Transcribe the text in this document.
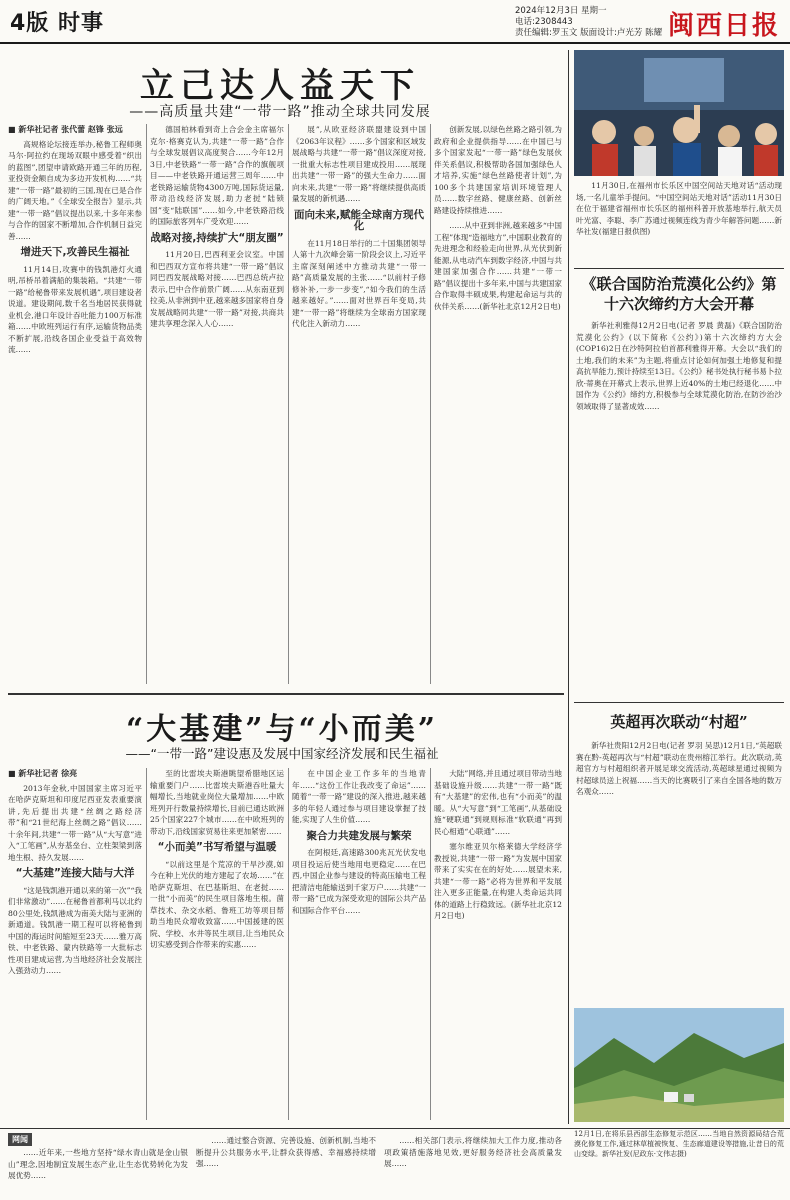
4版 时事	2024年12月3日 星期一
电话:2308443
责任编辑:罗玉文 版面设计:卢光芳 陈耀 闽西日报
立己达人益天下
——高质量共建“一带一路”推动全球共同发展
■ 新华社记者 张代蕾 赵锋 张远

高规格论坛接连举办,秘鲁工程师奥马尔·阿拉约在现场双眼中感受着“织出的蓝图”,团望申请欧路开通三年的历程,亚投资金额自成为多边开发机构……“共建“一带一路”最初的三国,现在已是合作的广阔天地。”《全球安全报告》显示,共建“一带一路”倡议提出以来,十多年来参与合作的国家不断增加,合作机制日益完善……

增进天下,攻善民生福祉

11月14日,攻赛中的钱凯港灯火通明,吊桥吊着满船的集装箱。“共建“一带一路”给秘鲁带来发展机遇”,项目建设者说道。建设期间,数千名当地居民获得就业机会,港口年设计吞吐能力100万标准箱……中欧班列运行有序,运输货物品类不断扩展,沿线各国企业受益于高效物流……

德国柏林看到奇上合会金主席福尔克尔·格赛克认为,共建“一带一路”合作与全球发展倡议高度契合……今年12月3日,中老铁路“一带一路”合作的旗舰项目——中老铁路开通运营三周年……中老铁路运输货物4300万吨,国际货运量,带动沿线经济发展,助力老挝“陆锁国”变“陆联国”……如今,中老铁路沿线的国际旅客列车广受欢迎……

战略对接,持续扩大“朋友圈”

11月20日,巴西利亚会议室。中国和巴西双方宣布将共建“一带一路”倡议同巴西发展战略对接……巴西总统卢拉表示,巴中合作前景广阔……从东南亚到拉美,从非洲到中亚,越来越多国家将自身发展战略同共建“一带一路”对接,共商共建共享理念深入人心……

展”,从欧亚经济联盟建设到中国《2063年议程》……多个国家和区域发展战略与共建“一带一路”倡议深度对接,一批重大标志性项目建成投用……展现出共建“一带一路”的强大生命力……面向未来,共建“一带一路”将继续提供高质量发展的新机遇……

面向未来,赋能全球南方现代化

在11月18日举行的二十国集团领导人第十九次峰会第一阶段会议上,习近平主席深刻阐述中方推动共建“一带一路”高质量发展的主张……“以前村子修修补补,一步一步变”,“如今我们的生活越来越好。”……面对世界百年变局,共建“一带一路”将继续为全球南方国家现代化注入新动力……

创新发展,以绿色丝路之路引领,为政府和企业提供指导……在中国已与多个国家发起“一带一路”绿色发展伙伴关系倡议,积极帮助各国加强绿色人才培养,实施“绿色丝路使者计划”,为100多个共建国家培训环境管理人员……数字丝路、健康丝路、创新丝路建设持续推进……

……从中亚到非洲,越来越多“中国工程”体现“造福地方”,中国职业教育的先进理念和经验走向世界,从光伏到新能源,从电动汽车到数字经济,中国与共建国家加强合作……共建“一带一路”倡议提出十多年来,中国与共建国家合作取得丰硕成果,构建起命运与共的伙伴关系……(新华社北京12月2日电)

“大基建”与“小而美”
——“一带一路”建设惠及发展中国家经济发展和民生福祉
■ 新华社记者 徐亮

2013年金秋,中国国家主席习近平在哈萨克斯坦和印度尼西亚发表重要演讲,先后提出共建“丝绸之路经济带”和“21世纪海上丝绸之路”倡议……十余年间,共建“一带一路”从“大写意”进入“工笔画”,从夯基垒台、立柱架梁到落地生根、持久发展……

“大基建”连接大陆与大洋

“这是钱凯港开通以来的第一次”“我们非常激动”……在秘鲁首都利马以北约80公里处,钱凯港成为南美大陆与亚洲的新通道。钱凯港一期工程可以将秘鲁到中国的海运时间缩短至23天……雅万高铁、中老铁路、蒙内铁路等一大批标志性项目建成运营,为当地经济社会发展注入强劲动力……

至的比雷埃夫斯港眺望希腊地区运输重要门户……比雷埃夫斯港吞吐量大幅增长,当地就业岗位大量增加……中欧班列开行数量持续增长,目前已通达欧洲25个国家227个城市……在中欧班列的带动下,沿线国家贸易往来更加紧密……

“小而美”书写希望与温暖

“以前这里是个荒凉的干旱沙漠,如今在种上光伏的地方建起了农场……”在哈萨克斯坦、在巴基斯坦、在老挝……一批“小而美”的民生项目落地生根。菌草技术、杂交水稻、鲁班工坊等项目帮助当地民众增收致富……中国援建的医院、学校、水井等民生项目,让当地民众切实感受到合作带来的实惠……

在中国企业工作多年的当地青年……“这份工作让我改变了命运”……随着“一带一路”建设的深入推进,越来越多的年轻人通过参与项目建设掌握了技能,实现了人生价值……

聚合力共建发展与繁荣

在阿根廷,高速路300兆瓦光伏发电项目投运后使当地用电更稳定……在巴西,中国企业参与建设的特高压输电工程把清洁电能输送到千家万户……共建“一带一路”已成为深受欢迎的国际公共产品和国际合作平台……

大陆”网络,并且通过项目带动当地基础设施升级……共建“一带一路”既有“大基建”的宏伟,也有“小而美”的温暖。从“大写意”到“工笔画”,从基础设施“硬联通”到规则标准“软联通”再到民心相通“心联通”……

塞尔维亚贝尔格莱德大学经济学教授说,共建“一带一路”为发展中国家带来了实实在在的好处……展望未来,共建“一带一路”必将为世界和平发展注入更多正能量,在构建人类命运共同体的道路上行稳致远。(新华社北京12月2日电)

11月30日,在福州市长乐区中国空间站天地对话“活动现场,一名儿童举手提问。“中国空间站天地对话”活动11月30日在位于福建省福州市长乐区的福州科普开放基地举行,航天员叶光富、李聪、李广苏通过视频连线为青少年解答问题……新华社发(福建日报供图)
《联合国防治荒漠化公约》第十六次缔约方大会开幕

新华社利雅得12月2日电(记者 罗晨 黄磊)《联合国防治荒漠化公约》(以下简称《公约》)第十六次缔约方大会(COP16)2日在沙特阿拉伯首都利雅得开幕。大会以“我们的土地,我们的未来”为主题,将重点讨论如何加强土地修复和提高抗旱能力,预计持续至13日。《公约》秘书处执行秘书易卜拉欣·蒂奥在开幕式上表示,世界上近40%的土地已经退化……中国作为《公约》缔约方,积极参与全球荒漠化防治,在防沙治沙领域取得了显著成效……

英超再次联动“村超”

新华社贵阳12月2日电(记者 罗羽 吴思)12月1日,“英超联赛在黔-英超再次与“村超”联动在贵州榕江举行。此次联动,英超官方与村超组织者开展足球交流活动,英超球星通过视频为村超球员送上祝福……当天的比赛吸引了来自全国各地的数万名观众……

网闻

……近年来,一些地方坚持“绿水青山就是金山银山”理念,因地制宜发展生态产业,让生态优势转化为发展优势……

……通过整合资源、完善设施、创新机制,当地不断提升公共服务水平,让群众获得感、幸福感持续增强……

……相关部门表示,将继续加大工作力度,推动各项政策措施落地见效,更好服务经济社会高质量发展……

12月1日,在将乐县西部生态修复示范区……当地自然资源局结合荒漠化修复工作,通过林草植被恢复、生态廊道建设等措施,让昔日的荒山变绿。新华社发(尼政东·文伟志摄)
